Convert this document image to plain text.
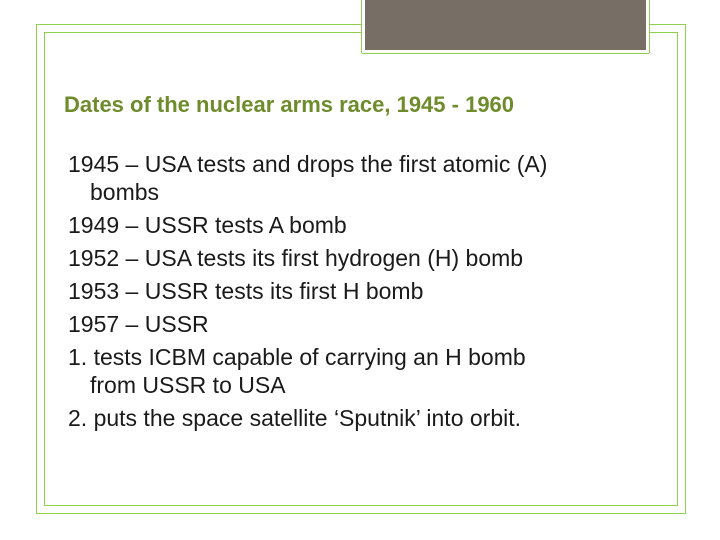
Dates of the nuclear arms race, 1945 - 1960
1945 – USA tests and drops the first atomic (A)
bombs
1949 – USSR tests A bomb
1952 – USA tests its first hydrogen (H) bomb
1953 – USSR tests its first H bomb
1957 – USSR
1. tests ICBM capable of carrying an H bomb
from USSR to USA
2. puts the space satellite ‘Sputnik’ into orbit.
